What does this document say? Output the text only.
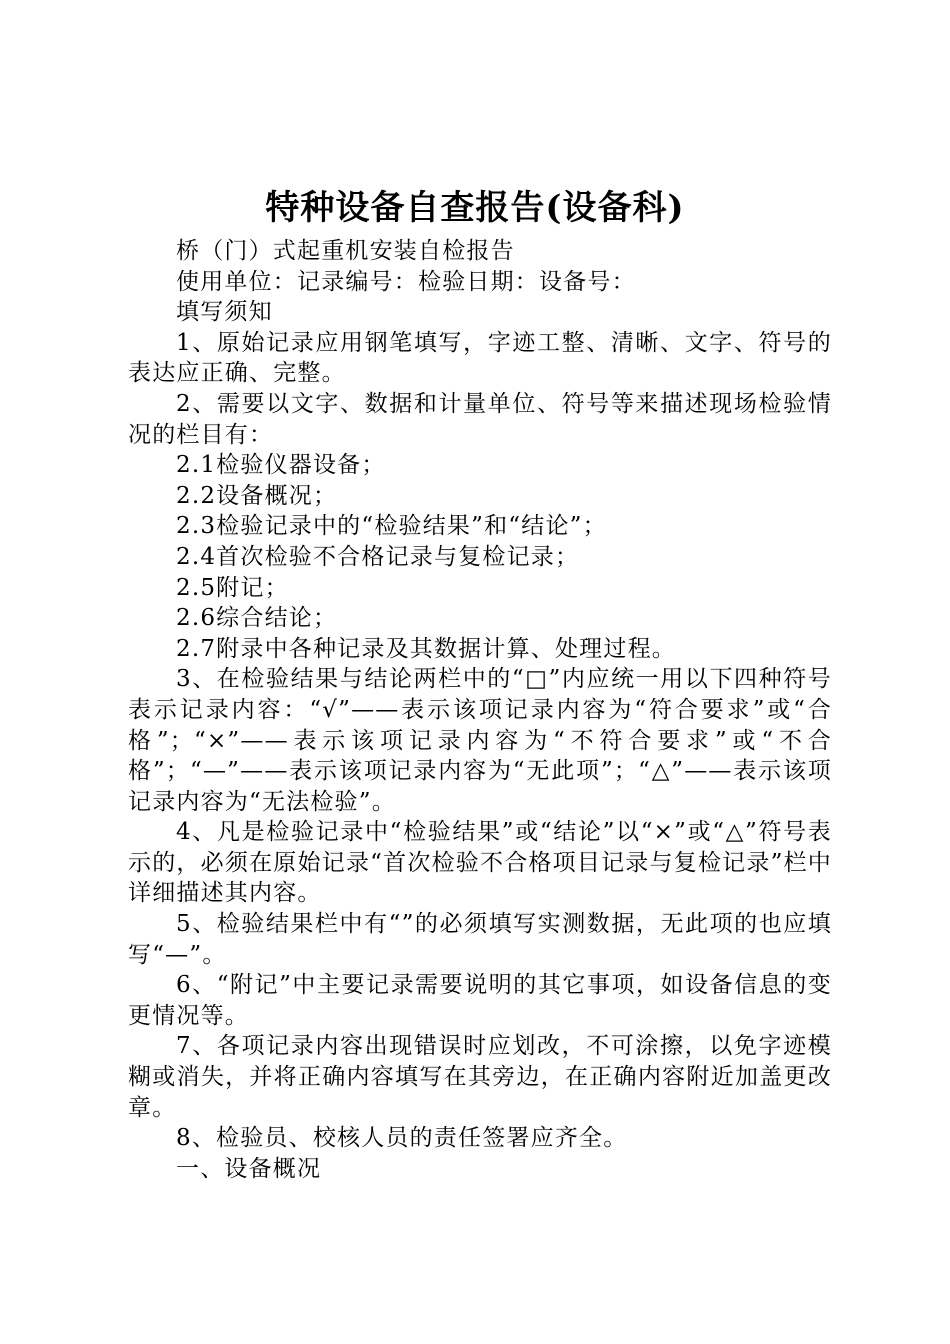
特种设备自查报告(设备科)

桥（门）式起重机安装自检报告

使用单位：记录编号：检验日期：设备号：

填写须知

1、原始记录应用钢笔填写，字迹工整、清晰、文字、符号的表达应正确、完整。

2、需要以文字、数据和计量单位、符号等来描述现场检验情况的栏目有：

2.1检验仪器设备；

2.2设备概况；

2.3检验记录中的“检验结果”和“结论”；

2.4首次检验不合格记录与复检记录；

2.5附记；

2.6综合结论；

2.7附录中各种记录及其数据计算、处理过程。

3、在检验结果与结论两栏中的“□”内应统一用以下四种符号表示记录内容：“√”——表示该项记录内容为“符合要求”或“合格”；“×”——表示该项记录内容为“不符合要求”或“不合格”；“—”——表示该项记录内容为“无此项”；“△”——表示该项记录内容为“无法检验”。

4、凡是检验记录中“检验结果”或“结论”以“×”或“△”符号表示的，必须在原始记录“首次检验不合格项目记录与复检记录”栏中详细描述其内容。

5、检验结果栏中有“”的必须填写实测数据，无此项的也应填写“—”。

6、“附记”中主要记录需要说明的其它事项，如设备信息的变更情况等。

7、各项记录内容出现错误时应划改，不可涂擦，以免字迹模糊或消失，并将正确内容填写在其旁边，在正确内容附近加盖更改章。

8、检验员、校核人员的责任签署应齐全。

一、设备概况
